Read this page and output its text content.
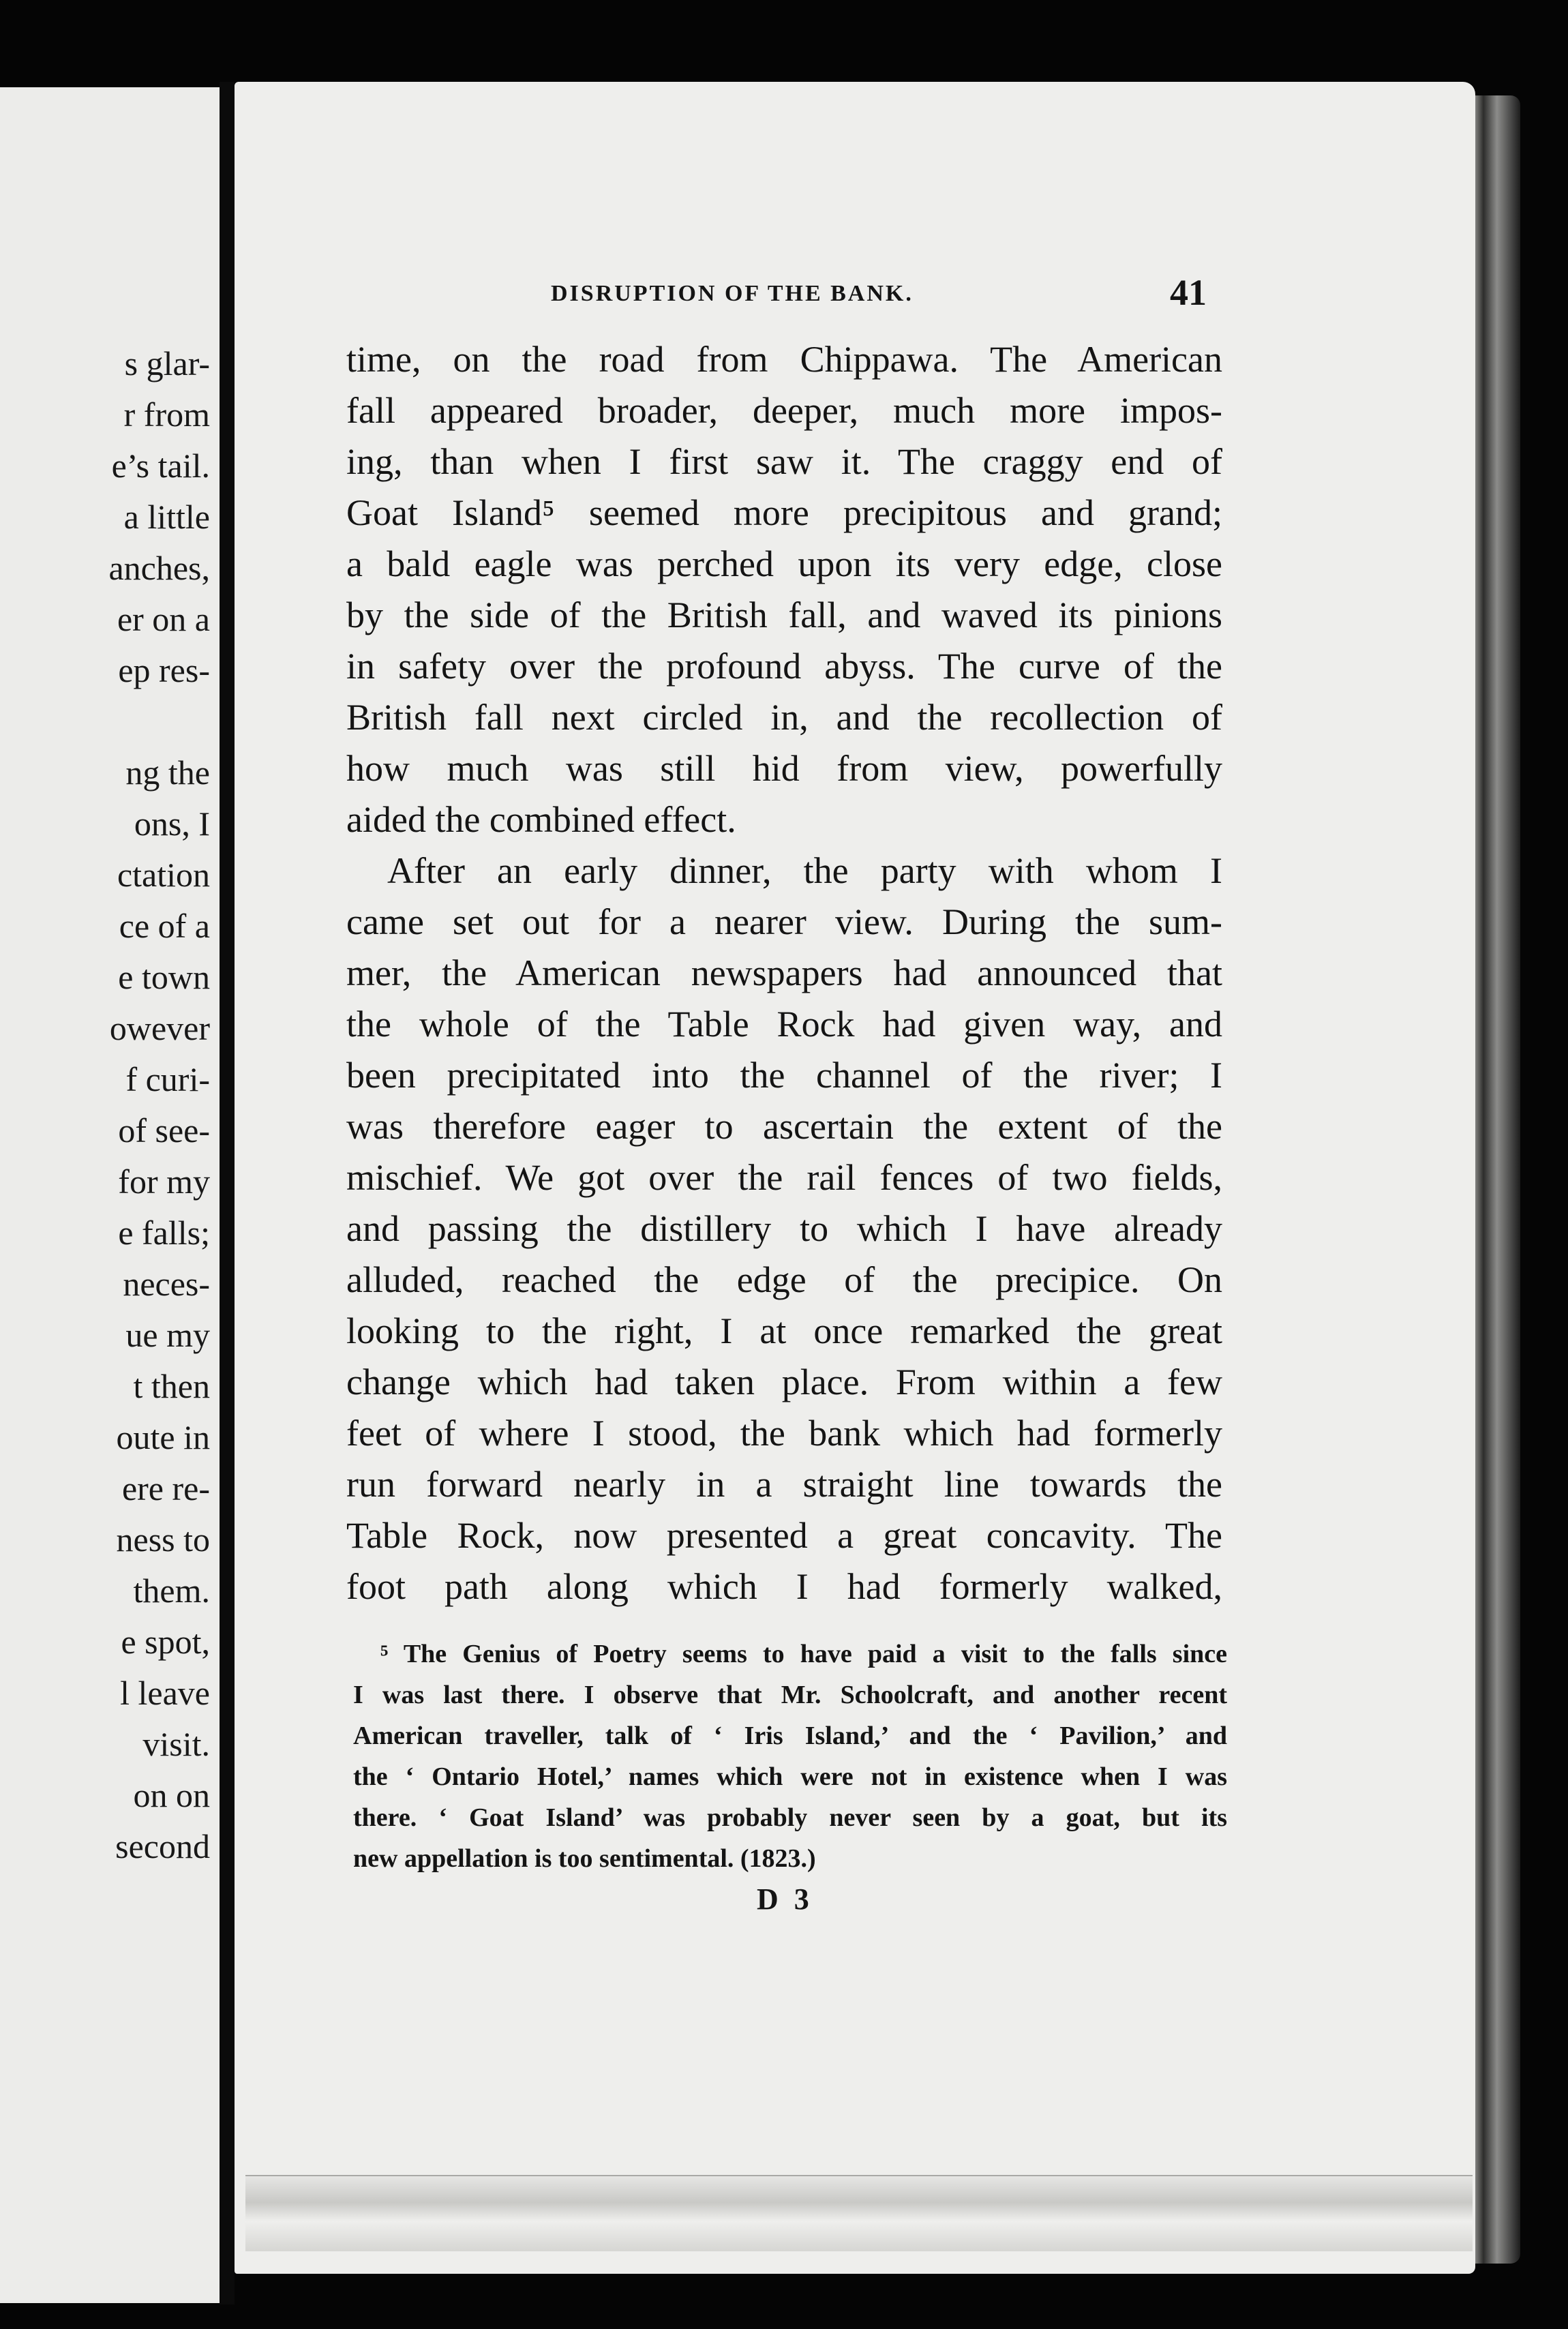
s glar-
r from
e’s tail.
a little
anches,
er on a
ep res-
ng the
ons, I
ctation
ce of a
e town
owever
f curi-
of see-
for my
e falls;
neces-
ue my
t then
oute in
ere re-
ness to
them.
e spot,
l leave
visit.
on on
second
DISRUPTION OF THE BANK.	41
time, on the road from Chippawa. The American
fall appeared broader, deeper, much more impos-
ing, than when I first saw it. The craggy end of
Goat Island⁵ seemed more precipitous and grand;
a bald eagle was perched upon its very edge, close
by the side of the British fall, and waved its pinions
in safety over the profound abyss. The curve of the
British fall next circled in, and the recollection of
how much was still hid from view, powerfully
aided the combined effect.
After an early dinner, the party with whom I
came set out for a nearer view. During the sum-
mer, the American newspapers had announced that
the whole of the Table Rock had given way, and
been precipitated into the channel of the river; I
was therefore eager to ascertain the extent of the
mischief. We got over the rail fences of two fields,
and passing the distillery to which I have already
alluded, reached the edge of the precipice. On
looking to the right, I at once remarked the great
change which had taken place. From within a few
feet of where I stood, the bank which had formerly
run forward nearly in a straight line towards the
Table Rock, now presented a great concavity. The
foot path along which I had formerly walked,
⁵ The Genius of Poetry seems to have paid a visit to the falls since
I was last there. I observe that Mr. Schoolcraft, and another recent
American traveller, talk of ‘ Iris Island,’ and the ‘ Pavilion,’ and
the ‘ Ontario Hotel,’ names which were not in existence when I was
there. ‘ Goat Island’ was probably never seen by a goat, but its
new appellation is too sentimental. (1823.)
D 3
